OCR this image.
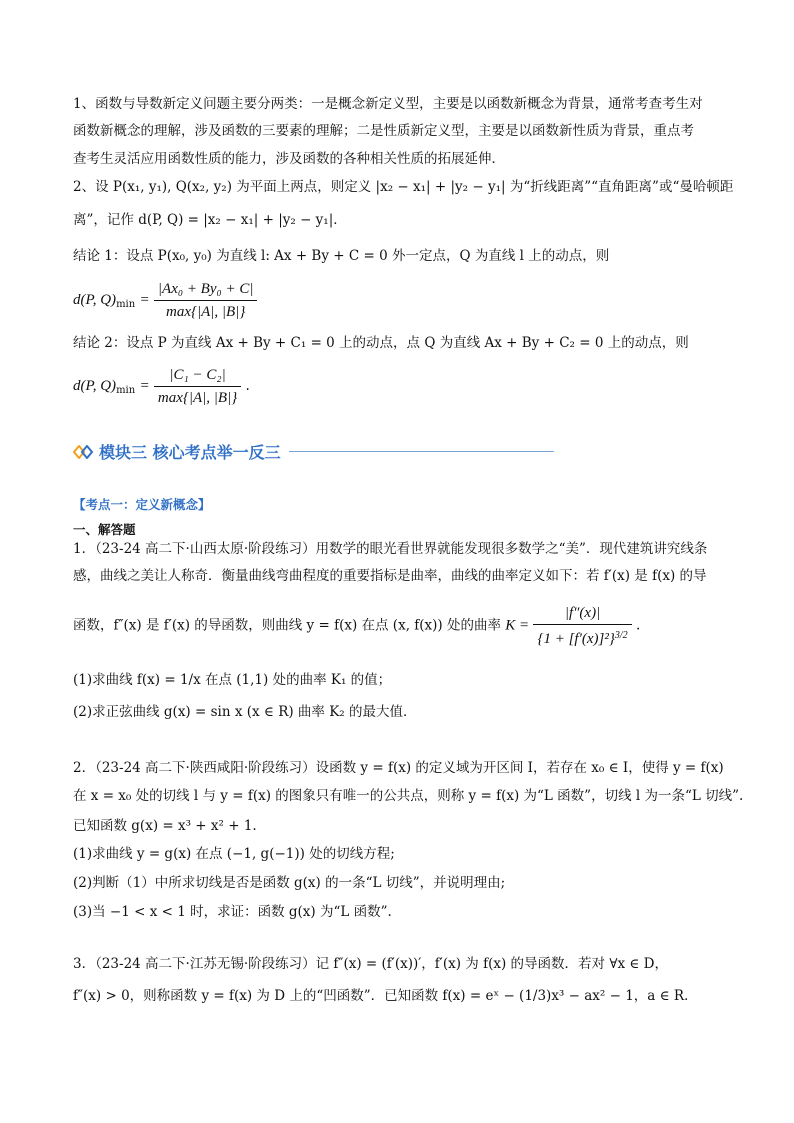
1、函数与导数新定义问题主要分两类：一是概念新定义型，主要是以函数新概念为背景，通常考查考生对
函数新概念的理解，涉及函数的三要素的理解；二是性质新定义型，主要是以函数新性质为背景，重点考
查考生灵活应用函数性质的能力，涉及函数的各种相关性质的拓展延伸．
2、设 P(x₁, y₁), Q(x₂, y₂) 为平面上两点，则定义 |x₂ − x₁| + |y₂ − y₁| 为“折线距离”“直角距离”或“曼哈顿距
离”，记作 d(P, Q) = |x₂ − x₁| + |y₂ − y₁|．
结论 1：设点 P(x₀, y₀) 为直线 l: Ax + By + C = 0 外一定点，Q 为直线 l 上的动点，则
d(P, $Q)_{min} = \frac{\text{|Ax₀ + By₀ + C|}}{\max\{|A|, |B|\}}$
结论 2：设点 P 为直线 Ax + By + C₁ = 0 上的动点，点 Q 为直线 Ax + By + C₂ = 0 上的动点，则
d(P, $Q)_{min} = \frac{\text{|C₁ − C₂|}}{\max\{|A|, |B|\}}$ .
模块三 核心考点举一反三
【考点一：定义新概念】
一、解答题
1．（23-24 高二下·山西太原·阶段练习）用数学的眼光看世界就能发现很多数学之“美”．现代建筑讲究线条
感，曲线之美让人称奇．衡量曲线弯曲程度的重要指标是曲率，曲线的曲率定义如下：若 f′(x) 是 f(x) 的导
函数，f″(x) 是 f′(x) 的导函数，则曲线 y = f(x) 在点 (x, f(x)) 处的曲率 $K = \frac{|f''(x)|}{\{1 + [f'(x)]^2\}^{3/2}}$ .
(1)求曲线 f(x) = 1/x 在点 (1,1) 处的曲率 K₁ 的值；
(2)求正弦曲线 g(x) = sin x (x ∈ R) 曲率 K₂ 的最大值．
2．（23-24 高二下·陕西咸阳·阶段练习）设函数 y = f(x) 的定义域为开区间 I，若存在 x₀ ∈ I，使得 y = f(x)
在 x = x₀ 处的切线 l 与 y = f(x) 的图象只有唯一的公共点，则称 y = f(x) 为“L 函数”，切线 l 为一条“L 切线”.
已知函数 g(x) = x³ + x² + 1.
(1)求曲线 y = g(x) 在点 (−1, g(−1)) 处的切线方程;
(2)判断（1）中所求切线是否是函数 g(x) 的一条“L 切线”，并说明理由;
(3)当 −1 < x < 1 时，求证：函数 g(x) 为“L 函数”.
3．（23-24 高二下·江苏无锡·阶段练习）记 f″(x) = (f′(x))′，f′(x) 为 f(x) 的导函数．若对 ∀x ∈ D，
f″(x) > 0，则称函数 y = f(x) 为 D 上的“凹函数”．已知函数 f(x) = eˣ − (1/3)x³ − ax² − 1，a ∈ R．
